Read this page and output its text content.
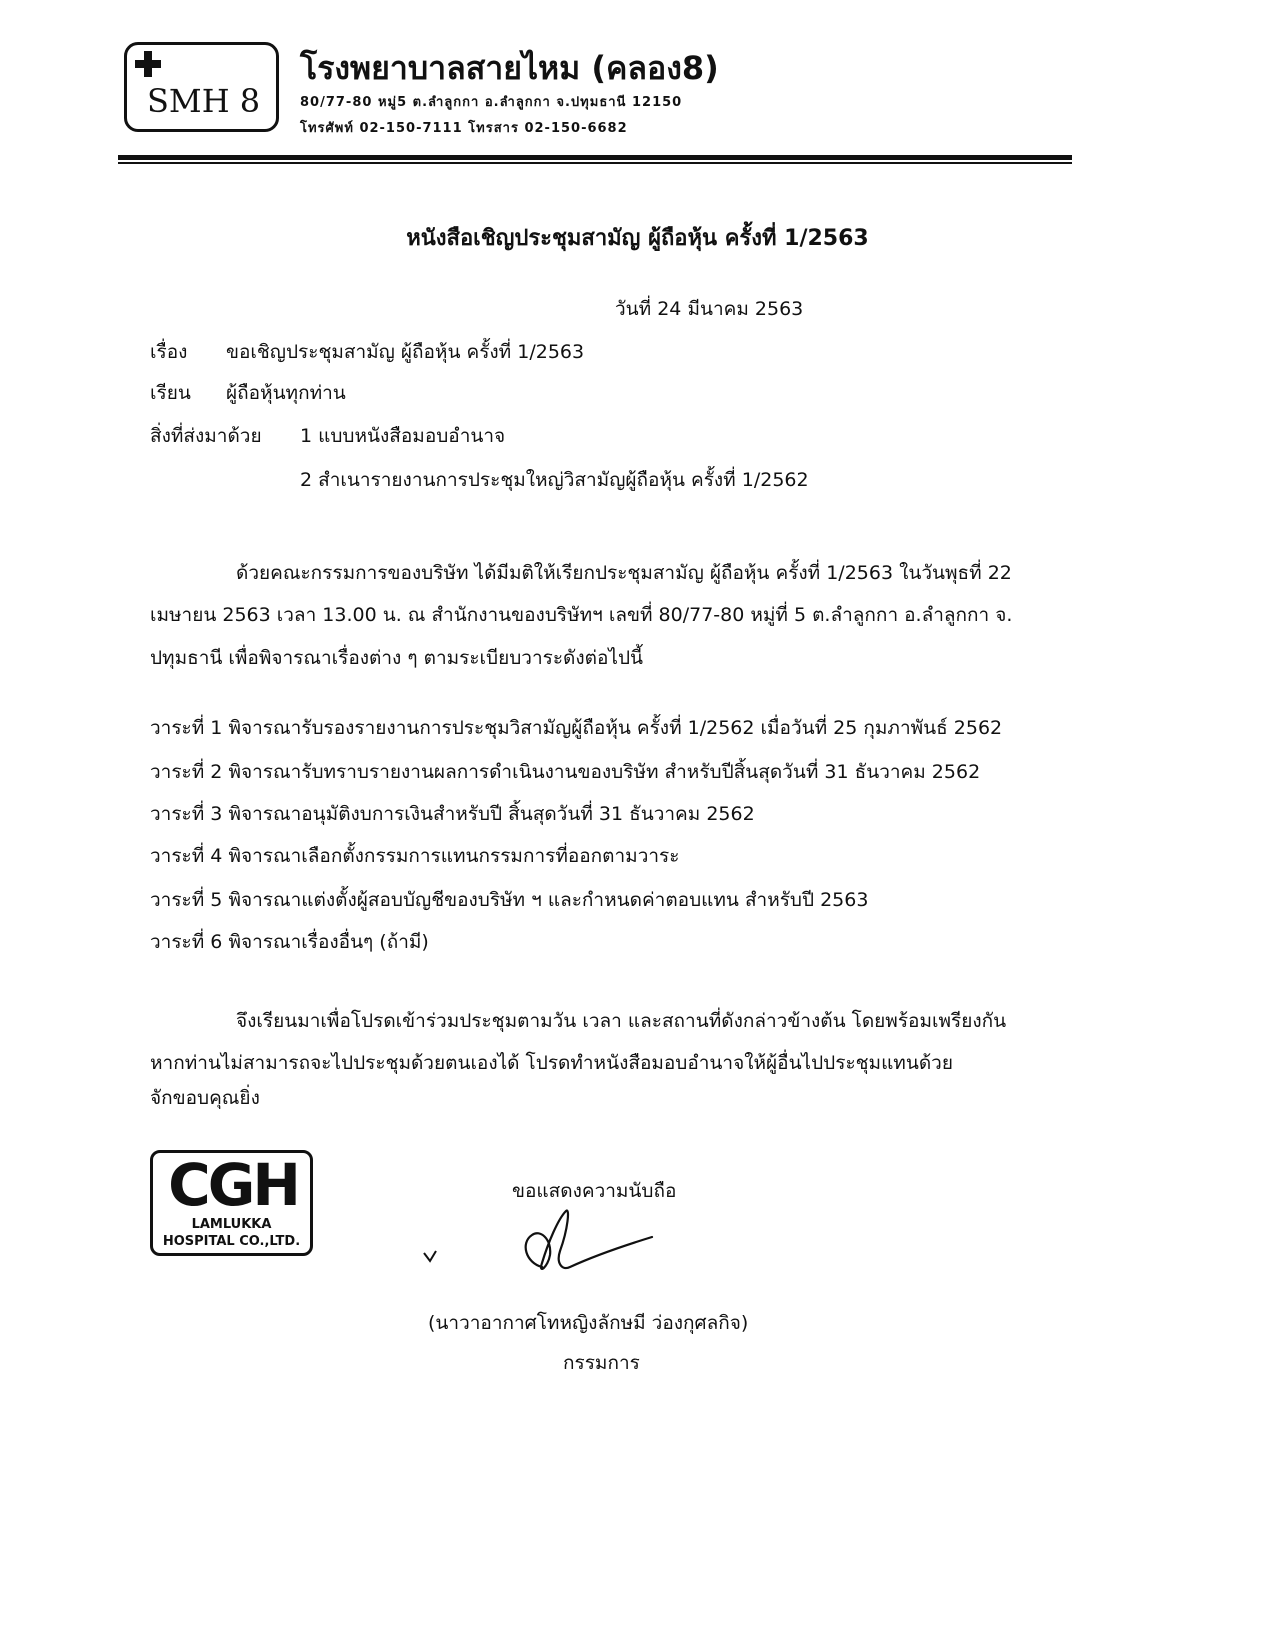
SMH 8
โรงพยาบาลสายไหม (คลอง8)
80/77-80 หมู่5 ต.ลำลูกกา อ.ลำลูกกา จ.ปทุมธานี 12150
โทรศัพท์ 02-150-7111 โทรสาร 02-150-6682
หนังสือเชิญประชุมสามัญ ผู้ถือหุ้น ครั้งที่ 1/2563
วันที่ 24 มีนาคม 2563
เรื่อง ขอเชิญประชุมสามัญ ผู้ถือหุ้น ครั้งที่ 1/2563
เรียน ผู้ถือหุ้นทุกท่าน
สิ่งที่ส่งมาด้วย 1 แบบหนังสือมอบอำนาจ
2 สำเนารายงานการประชุมใหญ่วิสามัญผู้ถือหุ้น ครั้งที่ 1/2562
ด้วยคณะกรรมการของบริษัท ได้มีมติให้เรียกประชุมสามัญ ผู้ถือหุ้น ครั้งที่ 1/2563 ในวันพุธที่ 22
เมษายน 2563 เวลา 13.00 น. ณ สำนักงานของบริษัทฯ เลขที่ 80/77-80 หมู่ที่ 5 ต.ลำลูกกา อ.ลำลูกกา จ.
ปทุมธานี เพื่อพิจารณาเรื่องต่าง ๆ ตามระเบียบวาระดังต่อไปนี้
วาระที่ 1 พิจารณารับรองรายงานการประชุมวิสามัญผู้ถือหุ้น ครั้งที่ 1/2562 เมื่อวันที่ 25 กุมภาพันธ์ 2562
วาระที่ 2 พิจารณารับทราบรายงานผลการดำเนินงานของบริษัท สำหรับปีสิ้นสุดวันที่ 31 ธันวาคม 2562
วาระที่ 3 พิจารณาอนุมัติงบการเงินสำหรับปี สิ้นสุดวันที่ 31 ธันวาคม 2562
วาระที่ 4 พิจารณาเลือกตั้งกรรมการแทนกรรมการที่ออกตามวาระ
วาระที่ 5 พิจารณาแต่งตั้งผู้สอบบัญชีของบริษัท ฯ และกำหนดค่าตอบแทน สำหรับปี 2563
วาระที่ 6 พิจารณาเรื่องอื่นๆ (ถ้ามี)
จึงเรียนมาเพื่อโปรดเข้าร่วมประชุมตามวัน เวลา และสถานที่ดังกล่าวข้างต้น โดยพร้อมเพรียงกัน
หากท่านไม่สามารถจะไปประชุมด้วยตนเองได้ โปรดทำหนังสือมอบอำนาจให้ผู้อื่นไปประชุมแทนด้วย
จักขอบคุณยิ่ง
CGH
LAMLUKKA
HOSPITAL CO.,LTD.
ขอแสดงความนับถือ
(นาวาอากาศโทหญิงลักษมี ว่องกุศลกิจ)
กรรมการ
